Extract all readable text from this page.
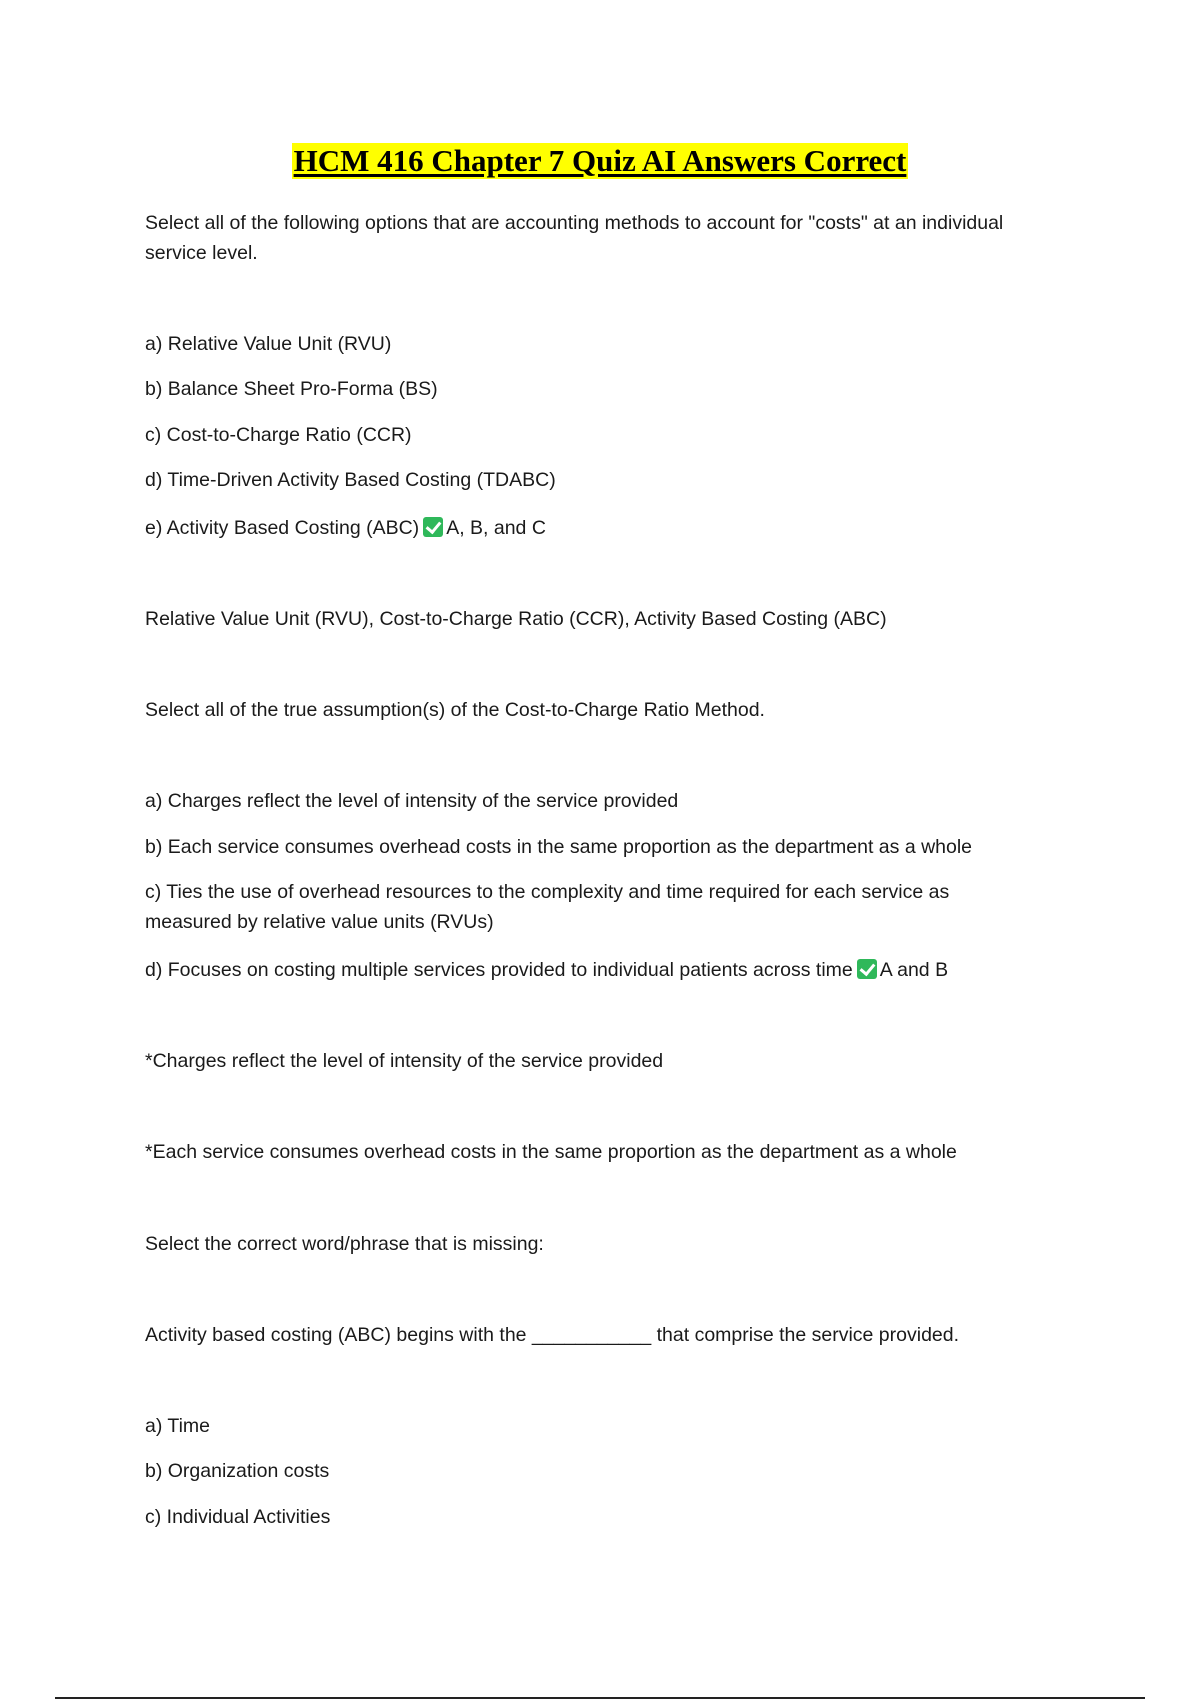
HCM 416 Chapter 7 Quiz AI Answers Correct
Select all of the following options that are accounting methods to account for "costs" at an individual service level.
a) Relative Value Unit (RVU)
b) Balance Sheet Pro-Forma (BS)
c) Cost-to-Charge Ratio (CCR)
d) Time-Driven Activity Based Costing (TDABC)
e) Activity Based Costing (ABC) A, B, and C
Relative Value Unit (RVU), Cost-to-Charge Ratio (CCR), Activity Based Costing (ABC)
Select all of the true assumption(s) of the Cost-to-Charge Ratio Method.
a) Charges reflect the level of intensity of the service provided
b) Each service consumes overhead costs in the same proportion as the department as a whole
c) Ties the use of overhead resources to the complexity and time required for each service as measured by relative value units (RVUs)
d) Focuses on costing multiple services provided to individual patients across time A and B
*Charges reflect the level of intensity of the service provided
*Each service consumes overhead costs in the same proportion as the department as a whole
Select the correct word/phrase that is missing:
Activity based costing (ABC) begins with the ___________ that comprise the service provided.
a) Time
b) Organization costs
c) Individual Activities
